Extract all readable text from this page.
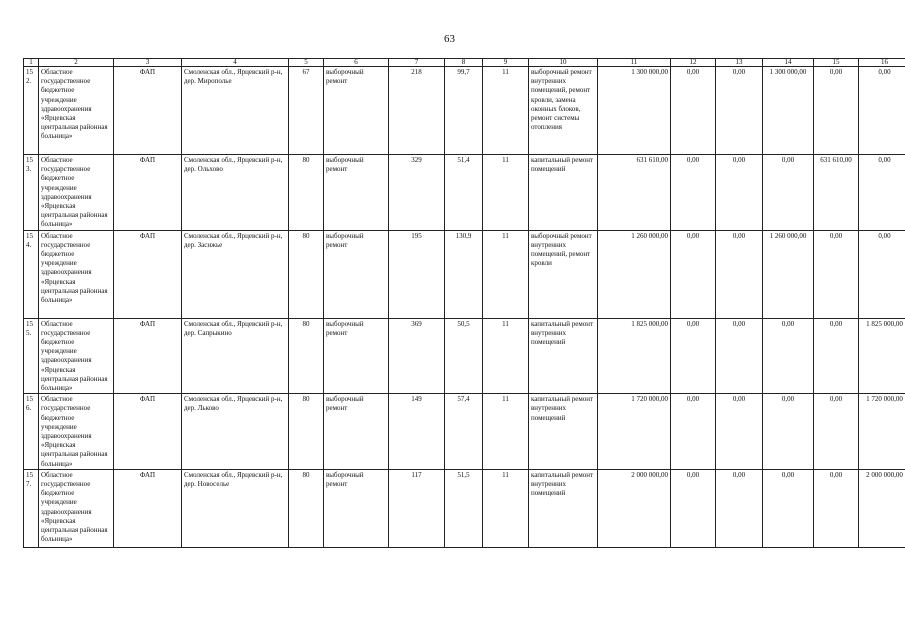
63
1	2	3	4	5	6	7	8	9	10	11	12	13	14	15	16
152.	Областное государственное бюджетное учреждение здравоохранения «Ярцевская центральная районная больница»	ФАП	Смоленская обл., Ярцевский р-н, дер. Мирополье	67	выборочный ремонт	218	99,7	11	выборочный ремонт внутренних помещений, ремонт кровли, замена оконных блоков, ремонт системы отопления	1 300 000,00	0,00	0,00	1 300 000,00	0,00	0,00
153.	Областное государственное бюджетное учреждение здравоохранения «Ярцевская центральная районная больница»	ФАП	Смоленская обл., Ярцевский р-н, дер. Ольхово	80	выборочный ремонт	329	51,4	11	капитальный ремонт помещений	631 610,00	0,00	0,00	0,00	631 610,00	0,00
154.	Областное государственное бюджетное учреждение здравоохранения «Ярцевская центральная районная больница»	ФАП	Смоленская обл., Ярцевский р-н, дер. Засижье	80	выборочный ремонт	195	130,9	11	выборочный ремонт внутренних помещений, ремонт кровли	1 260 000,00	0,00	0,00	1 260 000,00	0,00	0,00
155.	Областное государственное бюджетное учреждение здравоохранения «Ярцевская центральная районная больница»	ФАП	Смоленская обл., Ярцевский р-н, дер. Сапрыкино	80	выборочный ремонт	369	50,5	11	капитальный ремонт внутренних помещений	1 825 000,00	0,00	0,00	0,00	0,00	1 825 000,00
156.	Областное государственное бюджетное учреждение здравоохранения «Ярцевская центральная районная больница»	ФАП	Смоленская обл., Ярцевский р-н, дер. Льково	80	выборочный ремонт	149	57,4	11	капитальный ремонт внутренних помещений	1 720 000,00	0,00	0,00	0,00	0,00	1 720 000,00
157.	Областное государственное бюджетное учреждение здравоохранения «Ярцевская центральная районная больница»	ФАП	Смоленская обл., Ярцевский р-н, дер. Новоселье	80	выборочный ремонт	117	51,5	11	капитальный ремонт внутренних помещений	2 000 000,00	0,00	0,00	0,00	0,00	2 000 000,00
